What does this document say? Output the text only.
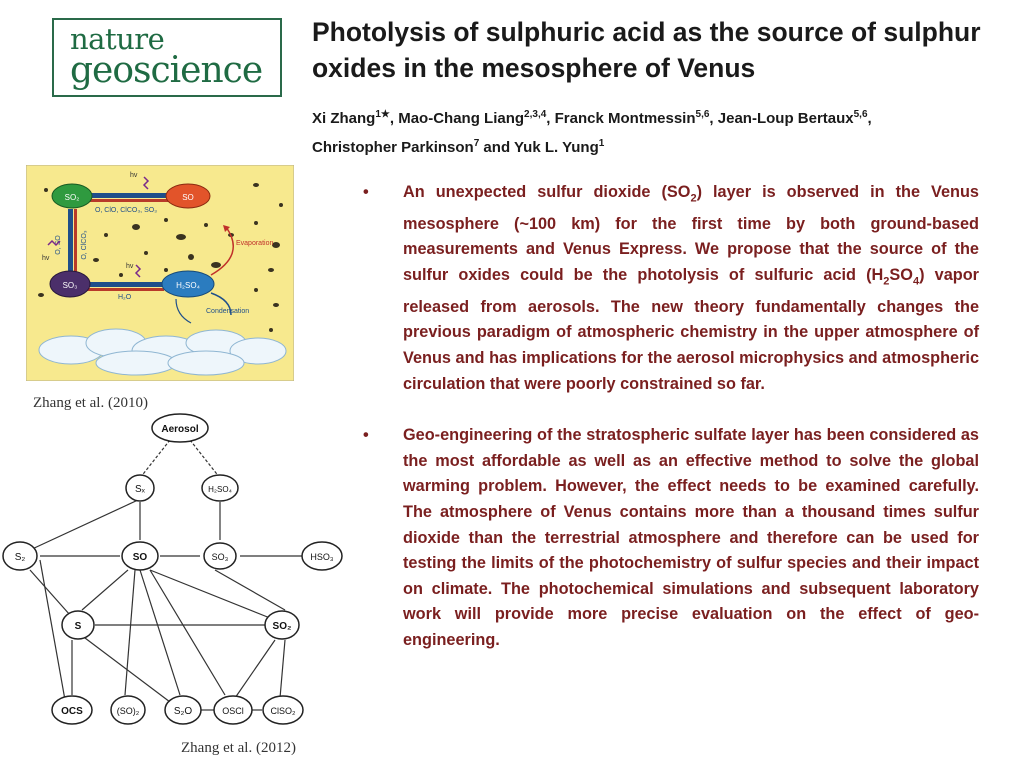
nature
geoscience
Photolysis of sulphuric acid as the source of sulphur oxides in the mesosphere of Venus
Xi Zhang$^{1★}$, Mao-Chang Liang$^{2,3,4}$, Franck Montmessin$^{5,6}$, Jean-Loup Bertaux$^{5,6}$,
Christopher Parkinson$^7$ and Yuk L. Yung$^1$
SO₂	SO
SO₃	H₂SO₄
O, ClO, ClCO₃, SO₃
O, SO	O, ClCO₃
hv
hv
hv
H₂O
Evaporation
Condensation
Zhang et al. (2010)
Aerosol
Sₓ	H₂SO₄
S₂	SO	SO₃	HSO₃
S	SO₂
OCS	(SO)₂	S₂O	OSCl	ClSO₂
Zhang et al. (2012)
• An unexpected sulfur dioxide $(SO_2)$ layer is observed in the Venus mesosphere (~100 km) for the first time by both ground-based measurements and Venus Express. We propose that the source of the sulfur oxides could be the photolysis of sulfuric acid $(H_2SO_4)$ vapor released from aerosols. The new theory fundamentally changes the previous paradigm of atmospheric chemistry in the upper atmosphere of Venus and has implications for the aerosol microphysics and atmospheric circulation that were poorly constrained so far.
• Geo-engineering of the stratospheric sulfate layer has been considered as the most affordable as well as an effective method to solve the global warming problem. However, the effect needs to be examined carefully. The atmosphere of Venus contains more than a thousand times sulfur dioxide than the terrestrial atmosphere and therefore can be used for testing the limits of the photochemistry of sulfur species and their impact on climate. The photochemical simulations and subsequent laboratory work will provide more precise evaluation on the effect of geo-engineering.
